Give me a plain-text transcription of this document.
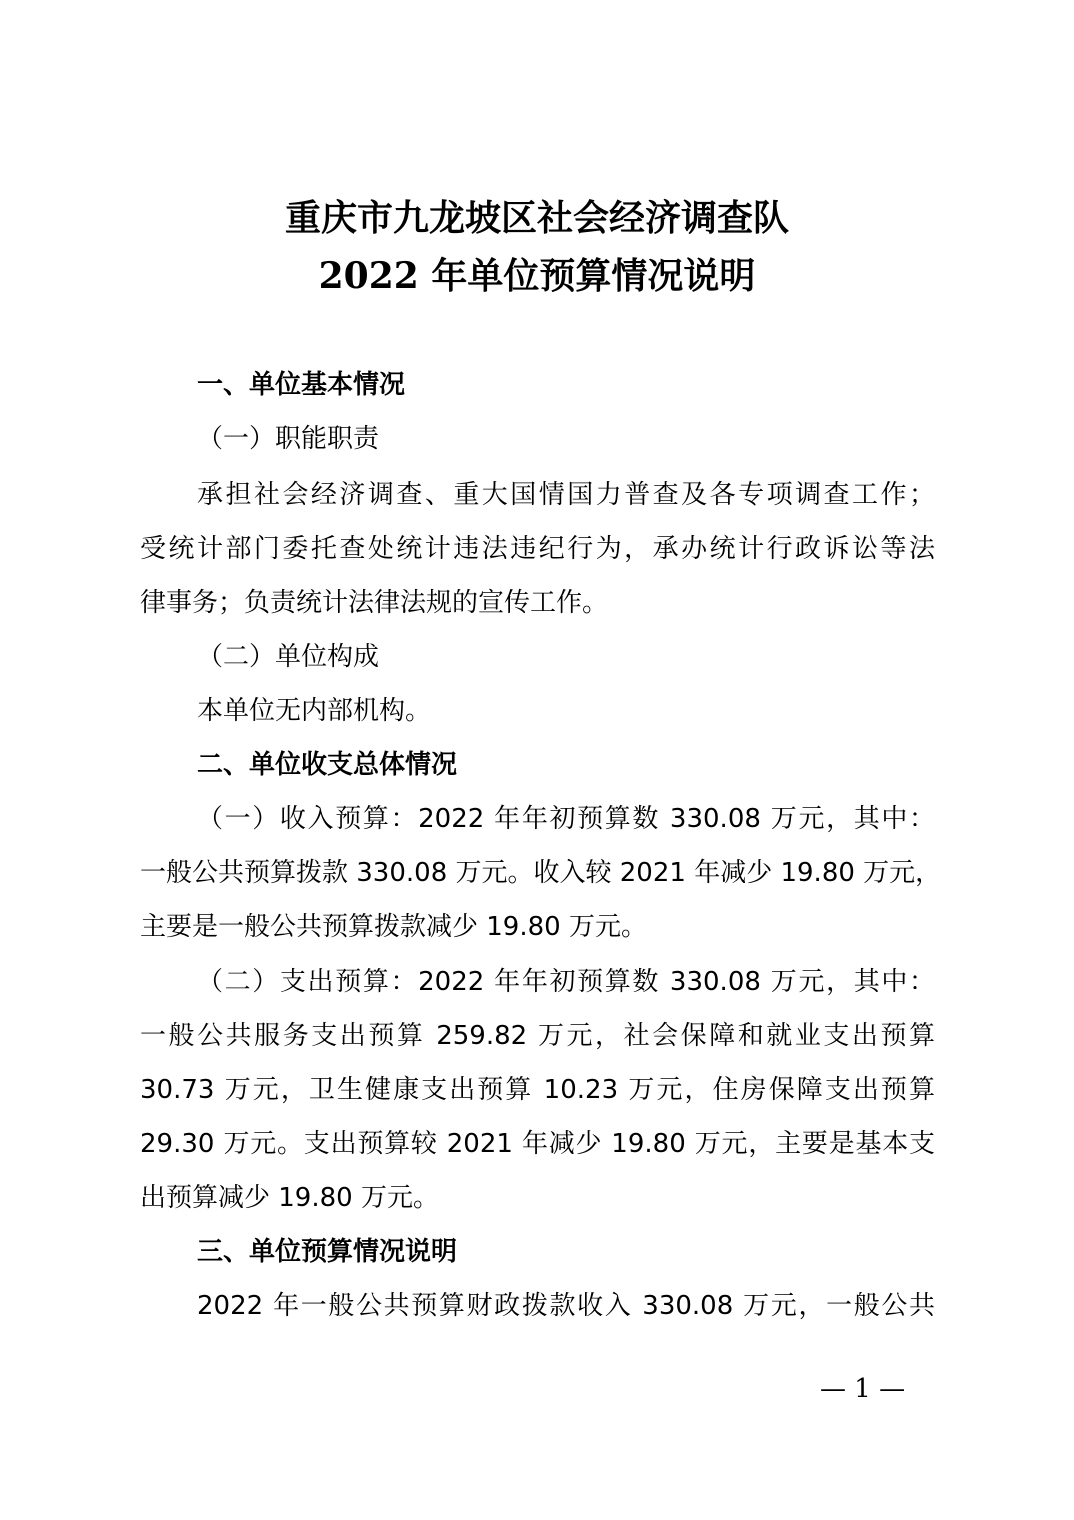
重庆市九龙坡区社会经济调查队
2022 年单位预算情况说明
一、单位基本情况
（一）职能职责
承担社会经济调查、重大国情国力普查及各专项调查工作；
受统计部门委托查处统计违法违纪行为，承办统计行政诉讼等法
律事务；负责统计法律法规的宣传工作。
（二）单位构成
本单位无内部机构。
二、单位收支总体情况
（一）收入预算：2022 年年初预算数 330.08 万元，其中：
一般公共预算拨款 330.08 万元。收入较 2021 年减少 19.80 万元，
主要是一般公共预算拨款减少 19.80 万元。
（二）支出预算：2022 年年初预算数 330.08 万元，其中：
一般公共服务支出预算 259.82 万元，社会保障和就业支出预算
30.73 万元，卫生健康支出预算 10.23 万元，住房保障支出预算
29.30 万元。支出预算较 2021 年减少 19.80 万元，主要是基本支
出预算减少 19.80 万元。
三、单位预算情况说明
2022 年一般公共预算财政拨款收入 330.08 万元，一般公共
— 1 —
